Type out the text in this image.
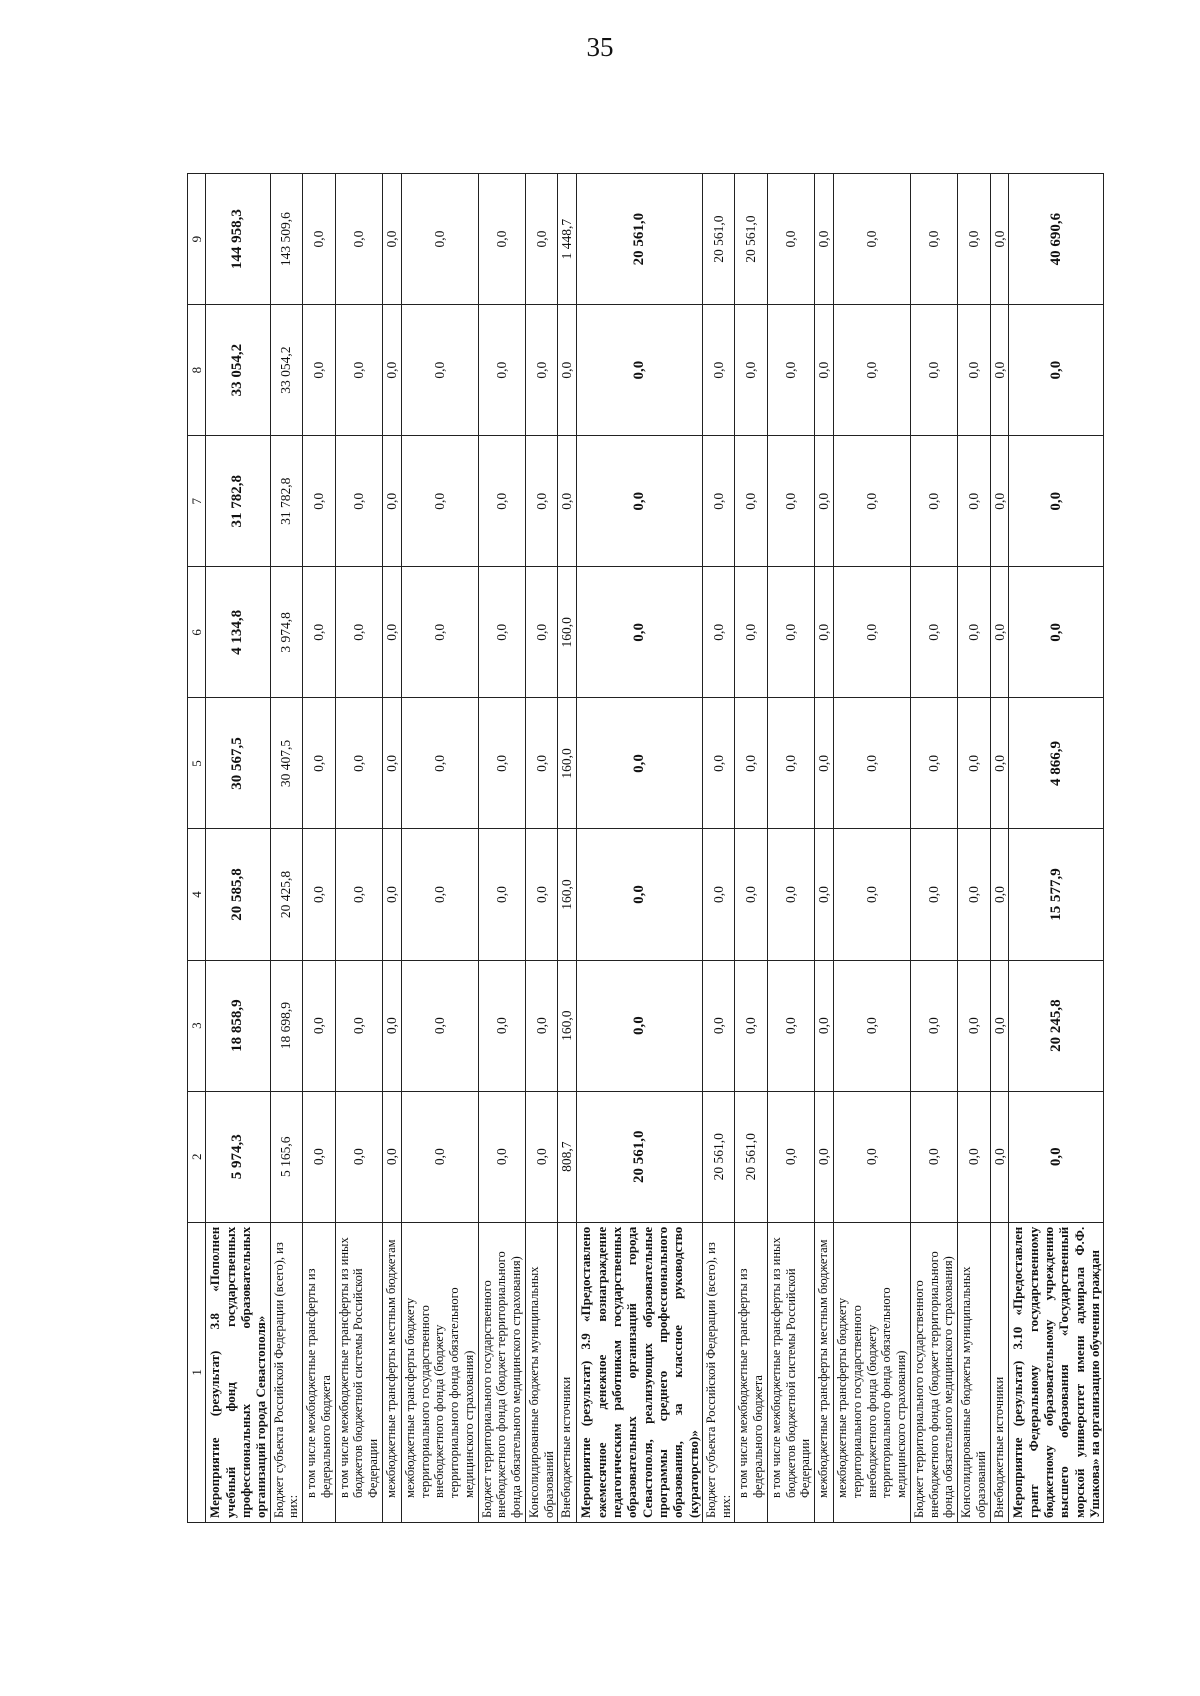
35
1	2	3	4	5	6	7	8	9
Мероприятие (результат) 3.8 «Пополнен учебный фонд государственных профессиональных образовательных организаций города Севастополя»	5 974,3	18 858,9	20 585,8	30 567,5	4 134,8	31 782,8	33 054,2	144 958,3
Бюджет субъекта Российской Федерации (всего), из них:	5 165,6	18 698,9	20 425,8	30 407,5	3 974,8	31 782,8	33 054,2	143 509,6
в том числе межбюджетные трансферты из федерального бюджета	0,0	0,0	0,0	0,0	0,0	0,0	0,0	0,0
в том числе межбюджетные трансферты из иных бюджетов бюджетной системы Российской Федерации	0,0	0,0	0,0	0,0	0,0	0,0	0,0	0,0
межбюджетные трансферты местным бюджетам	0,0	0,0	0,0	0,0	0,0	0,0	0,0	0,0
межбюджетные трансферты бюджету территориального государственного внебюджетного фонда (бюджету территориального фонда обязательного медицинского страхования)	0,0	0,0	0,0	0,0	0,0	0,0	0,0	0,0
Бюджет территориального государственного внебюджетного фонда (бюджет территориального фонда обязательного медицинского страхования)	0,0	0,0	0,0	0,0	0,0	0,0	0,0	0,0
Консолидированные бюджеты муниципальных образований	0,0	0,0	0,0	0,0	0,0	0,0	0,0	0,0
Внебюджетные источники	808,7	160,0	160,0	160,0	160,0	0,0	0,0	1 448,7
Мероприятие (результат) 3.9 «Предоставлено ежемесячное денежное вознаграждение педагогическим работникам государственных образовательных организаций города Севастополя, реализующих образовательные программы среднего профессионального образования, за классное руководство (кураторство)»	20 561,0	0,0	0,0	0,0	0,0	0,0	0,0	20 561,0
Бюджет субъекта Российской Федерации (всего), из них:	20 561,0	0,0	0,0	0,0	0,0	0,0	0,0	20 561,0
в том числе межбюджетные трансферты из федерального бюджета	20 561,0	0,0	0,0	0,0	0,0	0,0	0,0	20 561,0
в том числе межбюджетные трансферты из иных бюджетов бюджетной системы Российской Федерации	0,0	0,0	0,0	0,0	0,0	0,0	0,0	0,0
межбюджетные трансферты местным бюджетам	0,0	0,0	0,0	0,0	0,0	0,0	0,0	0,0
межбюджетные трансферты бюджету территориального государственного внебюджетного фонда (бюджету территориального фонда обязательного медицинского страхования)	0,0	0,0	0,0	0,0	0,0	0,0	0,0	0,0
Бюджет территориального государственного внебюджетного фонда (бюджет территориального фонда обязательного медицинского страхования)	0,0	0,0	0,0	0,0	0,0	0,0	0,0	0,0
Консолидированные бюджеты муниципальных образований	0,0	0,0	0,0	0,0	0,0	0,0	0,0	0,0
Внебюджетные источники	0,0	0,0	0,0	0,0	0,0	0,0	0,0	0,0
Мероприятие (результат) 3.10 «Предоставлен грант Федеральному государственному бюджетному образовательному учреждению высшего образования «Государственный морской университет имени адмирала Ф.Ф. Ушакова» на организацию обучения граждан	0,0	20 245,8	15 577,9	4 866,9	0,0	0,0	0,0	40 690,6
